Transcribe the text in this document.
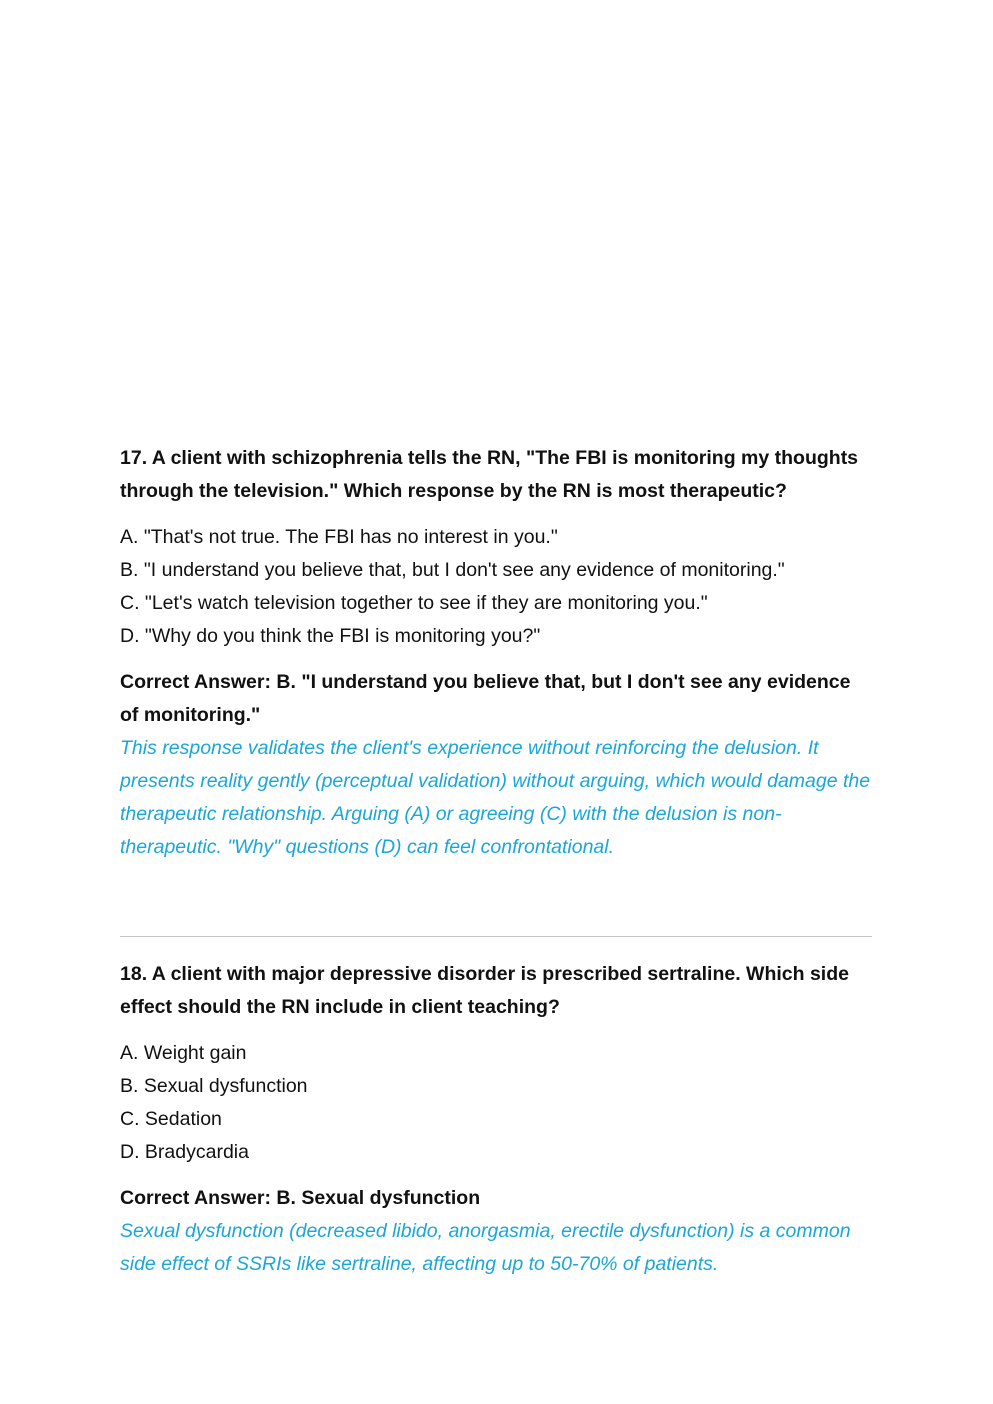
17. A client with schizophrenia tells the RN, "The FBI is monitoring my thoughts through the television." Which response by the RN is most therapeutic?

A. "That's not true. The FBI has no interest in you."
B. "I understand you believe that, but I don't see any evidence of monitoring."
C. "Let's watch television together to see if they are monitoring you."
D. "Why do you think the FBI is monitoring you?"

Correct Answer: B. "I understand you believe that, but I don't see any evidence of monitoring."

This response validates the client's experience without reinforcing the delusion. It presents reality gently (perceptual validation) without arguing, which would damage the therapeutic relationship. Arguing (A) or agreeing (C) with the delusion is non-therapeutic. "Why" questions (D) can feel confrontational.

18. A client with major depressive disorder is prescribed sertraline. Which side effect should the RN include in client teaching?

A. Weight gain
B. Sexual dysfunction
C. Sedation
D. Bradycardia

Correct Answer: B. Sexual dysfunction

Sexual dysfunction (decreased libido, anorgasmia, erectile dysfunction) is a common side effect of SSRIs like sertraline, affecting up to 50-70% of patients.
